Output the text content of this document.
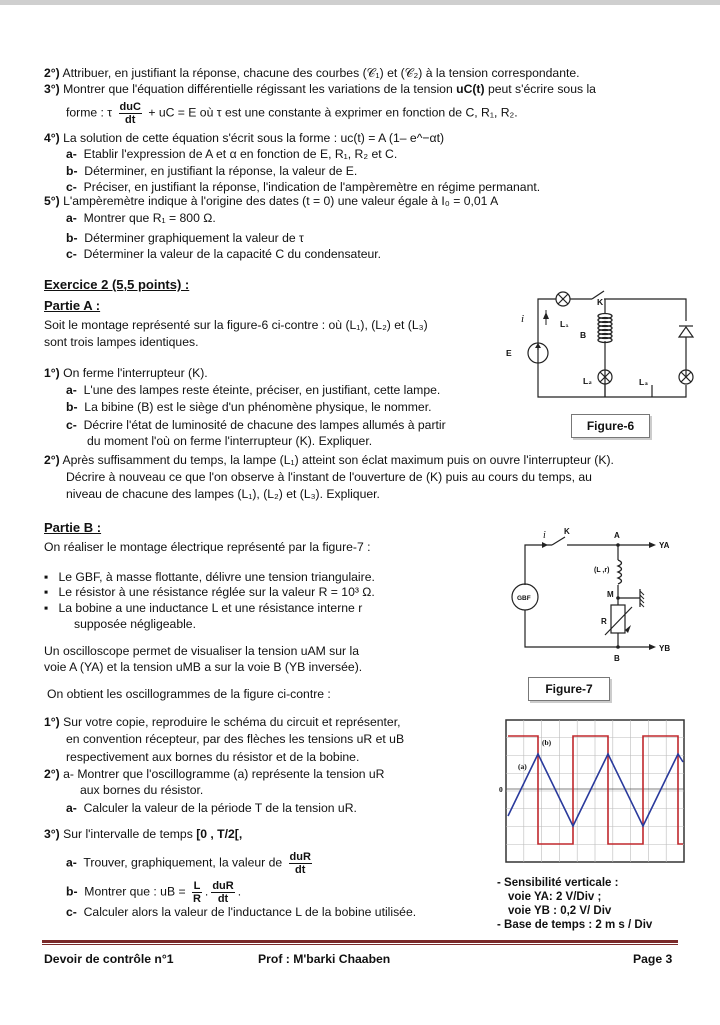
2°) Attribuer, en justifiant la réponse, chacune des courbes (𝒞₁) et (𝒞₂) à la tension correspondante.
3°) Montrer que l'équation différentielle régissant les variations de la tension uC(t) peut s'écrire sous la
forme : τ $\frac{\text{duC}}{dt}$ + uC = E où τ est une constante à exprimer en fonction de C, R₁, R₂.
4°) La solution de cette équation s'écrit sous la forme : uc(t) = A (1– e^−αt)
a- Etablir l'expression de A et α en fonction de E, R₁, R₂ et C.
b- Déterminer, en justifiant la réponse, la valeur de E.
c- Préciser, en justifiant la réponse, l'indication de l'ampèremètre en régime permanant.
5°) L'ampèremètre indique à l'origine des dates (t = 0) une valeur égale à I₀ = 0,01 A
a- Montrer que R₁ = 800 Ω.
b- Déterminer graphiquement la valeur de τ
c- Déterminer la valeur de la capacité C du condensateur.
Exercice 2 (5,5 points) :
Partie A :
Soit le montage représenté sur la figure-6 ci-contre : où (L₁), (L₂) et (L₃)
sont trois lampes identiques.
1°) On ferme l'interrupteur (K).
a- L'une des lampes reste éteinte, préciser, en justifiant, cette lampe.
b- La bibine (B) est le siège d'un phénomène physique, le nommer.
c- Décrire l'état de luminosité de chacune des lampes allumés à partir
du moment l'où on ferme l'interrupteur (K). Expliquer.
2°) Après suffisamment du temps, la lampe (L₁) atteint son éclat maximum puis on ouvre l'interrupteur (K).
Décrire à nouveau ce que l'on observe à l'instant de l'ouverture de (K) puis au cours du temps, au
niveau de chacune des lampes (L₁), (L₂) et (L₃). Expliquer.
K
L₁
B
E
L₂	L₃
i
Figure-6
Partie B :
On réaliser le montage électrique représenté par la figure-7 :
▪   Le GBF, à masse flottante, délivre une tension triangulaire.
▪   Le résistor à une résistance réglée sur la valeur R = 10³ Ω.
▪   La bobine a une inductance L et une résistance interne r
supposée négligeable.
Un oscilloscope permet de visualiser la tension uAM sur la
voie A (YA) et la tension uMB a sur la voie B (YB inversée).
On obtient les oscillogrammes de la figure ci-contre :
1°) Sur votre copie, reproduire le schéma du circuit et représenter,
en convention récepteur, par des flèches les tensions uR et uB
respectivement aux bornes du résistor et de la bobine.
2°) a- Montrer que l'oscillogramme (a) représente la tension uR
aux bornes du résistor.
a- Calculer la valeur de la période T de la tension uR.
3°) Sur l'intervalle de temps [0 , T/2[,
a- Trouver, graphiquement, la valeur de $\frac{\text{duR}}{dt}$
b- Montrer que : uB = $\frac{L}{R}$ . $\frac{\text{duR}}{dt}$ .
c- Calculer alors la valeur de l'inductance L de la bobine utilisée.
K	A
YA
(L ,r)
GBF	M
R
B
YB
i
Figure-7
(b)
(a)
0
- Sensibilité verticale :
voie YA: 2 V/Div ;
voie YB : 0,2 V/ Div
- Base de temps : 2 m s / Div
Devoir de contrôle n°1	Prof : M'barki Chaaben	Page 3
